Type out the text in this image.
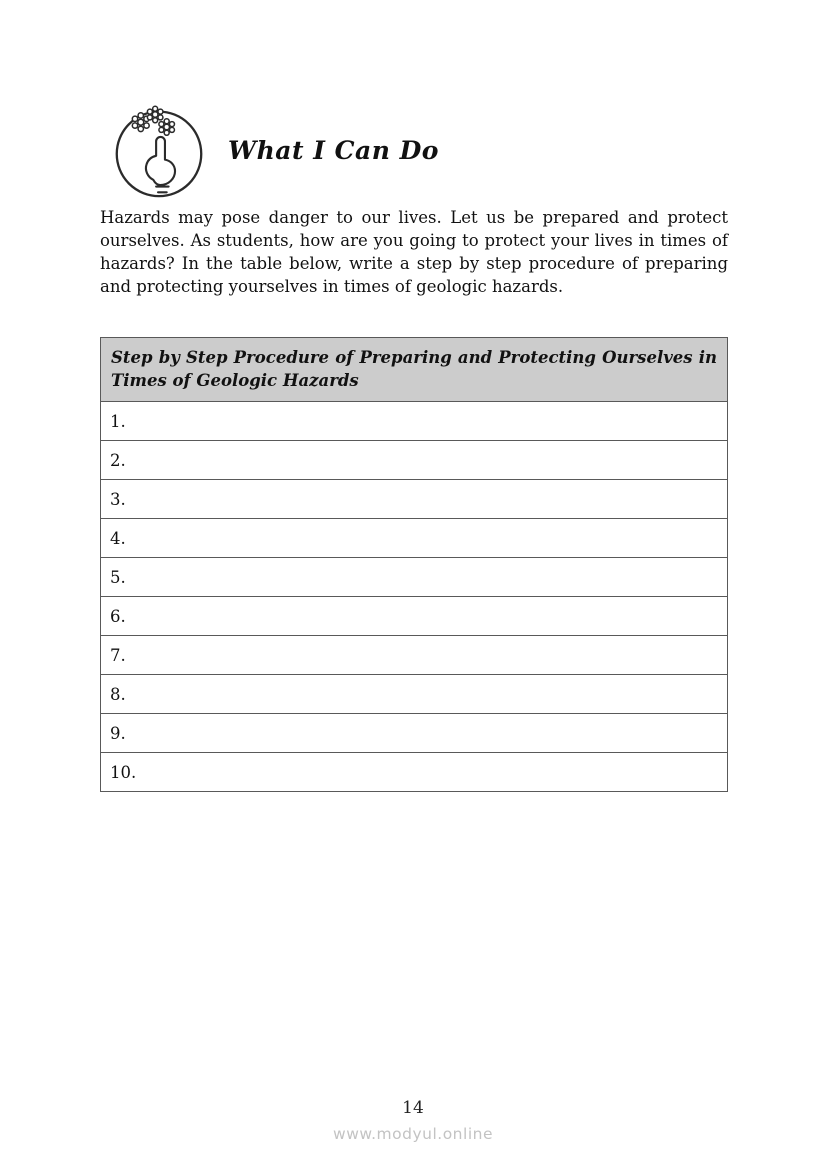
What I Can Do

Hazards may pose danger to our lives. Let us be prepared and protect ourselves. As students, how are you going to protect your lives in times of hazards? In the table below, write a step by step procedure of preparing and protecting yourselves in times of geologic hazards.

Step by Step Procedure of Preparing and Protecting Ourselves in Times of Geologic Hazards
1.
2.
3.
4.
5.
6.
7.
8.
9.
10.
14
www.modyul.online
